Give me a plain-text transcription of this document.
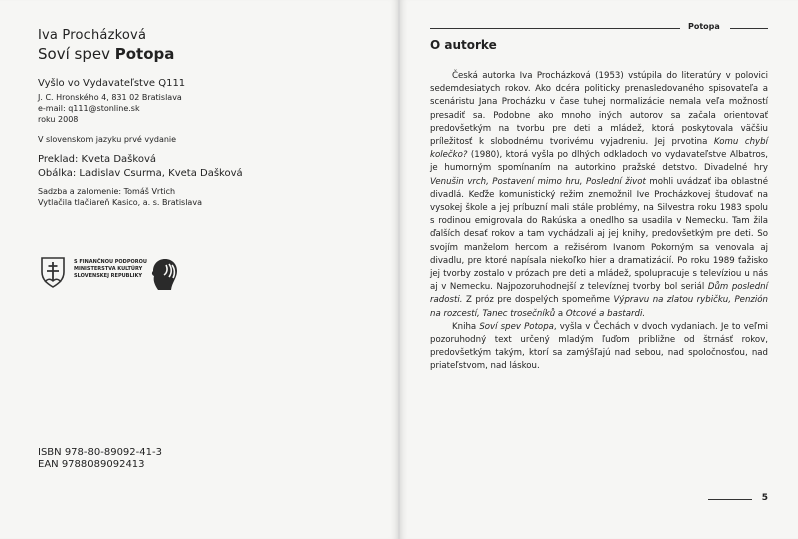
Iva Procházková
Soví spev Potopa
Vyšlo vo Vydavateľstve Q111
J. C. Hronského 4, 831 02 Bratislava
e-mail: q111@stonline.sk
roku 2008
V slovenskom jazyku prvé vydanie
Preklad: Kveta Dašková
Obálka: Ladislav Csurma, Kveta Dašková
Sadzba a zalomenie: Tomáš Vrtich
Vytlačila tlačiareň Kasico, a. s. Bratislava
S FINANČNOU PODPOROU
MINISTERSTVA KULTÚRY
SLOVENSKEJ REPUBLIKY
ISBN 978-80-89092-41-3
EAN 9788089092413
Potopa
O autorke

Česká autorka Iva Procházková (1953) vstúpila do literatúry v polovici sedemdesiatych rokov. Ako dcéra politicky prenasledovaného spisovateľa a scenáristu Jana Procházku v čase tuhej normalizácie nemala veľa možností presadiť sa. Podobne ako mnoho iných autorov sa začala orientovať predovšetkým na tvorbu pre deti a mládež, ktorá poskytovala väčšiu príležitosť k slobodnému tvorivému vyjadreniu. Jej prvotina Komu chybí kolečko? (1980), ktorá vyšla po dlhých odkladoch vo vydavateľstve Albatros, je humorným spomínaním na autorkino pražské detstvo. Divadelné hry Venušin vrch, Postavení mimo hru, Poslední život mohli uvádzať iba oblastné divadlá. Keďže komunistický režim znemožnil Ive Procházkovej študovať na vysokej škole a jej príbuzní mali stále problémy, na Silvestra roku 1983 spolu s rodinou emigrovala do Rakúska a onedlho sa usadila v Nemecku. Tam žila ďalších desať rokov a tam vychádzali aj jej knihy, predovšetkým pre deti. So svojím manželom hercom a režisérom Ivanom Pokorným sa venovala aj divadlu, pre ktoré napísala niekoľko hier a dramatizácií. Po roku 1989 ťažisko jej tvorby zostalo v prózach pre deti a mládež, spolupracuje s televíziou u nás aj v Nemecku. Najpozoruhodnejší z televíznej tvorby bol seriál Dům poslední radosti. Z próz pre dospelých spomeňme Výpravu na zlatou rybičku, Penzión na rozcestí, Tanec trosečníků a Otcové a bastardi.

Kniha Soví spev Potopa, vyšla v Čechách v dvoch vydaniach. Je to veľmi pozoruhodný text určený mladým ľuďom približne od štrnásť rokov, predovšetkým takým, ktorí sa zamýšľajú nad sebou, nad spoločnosťou, nad priateľstvom, nad láskou.

5
